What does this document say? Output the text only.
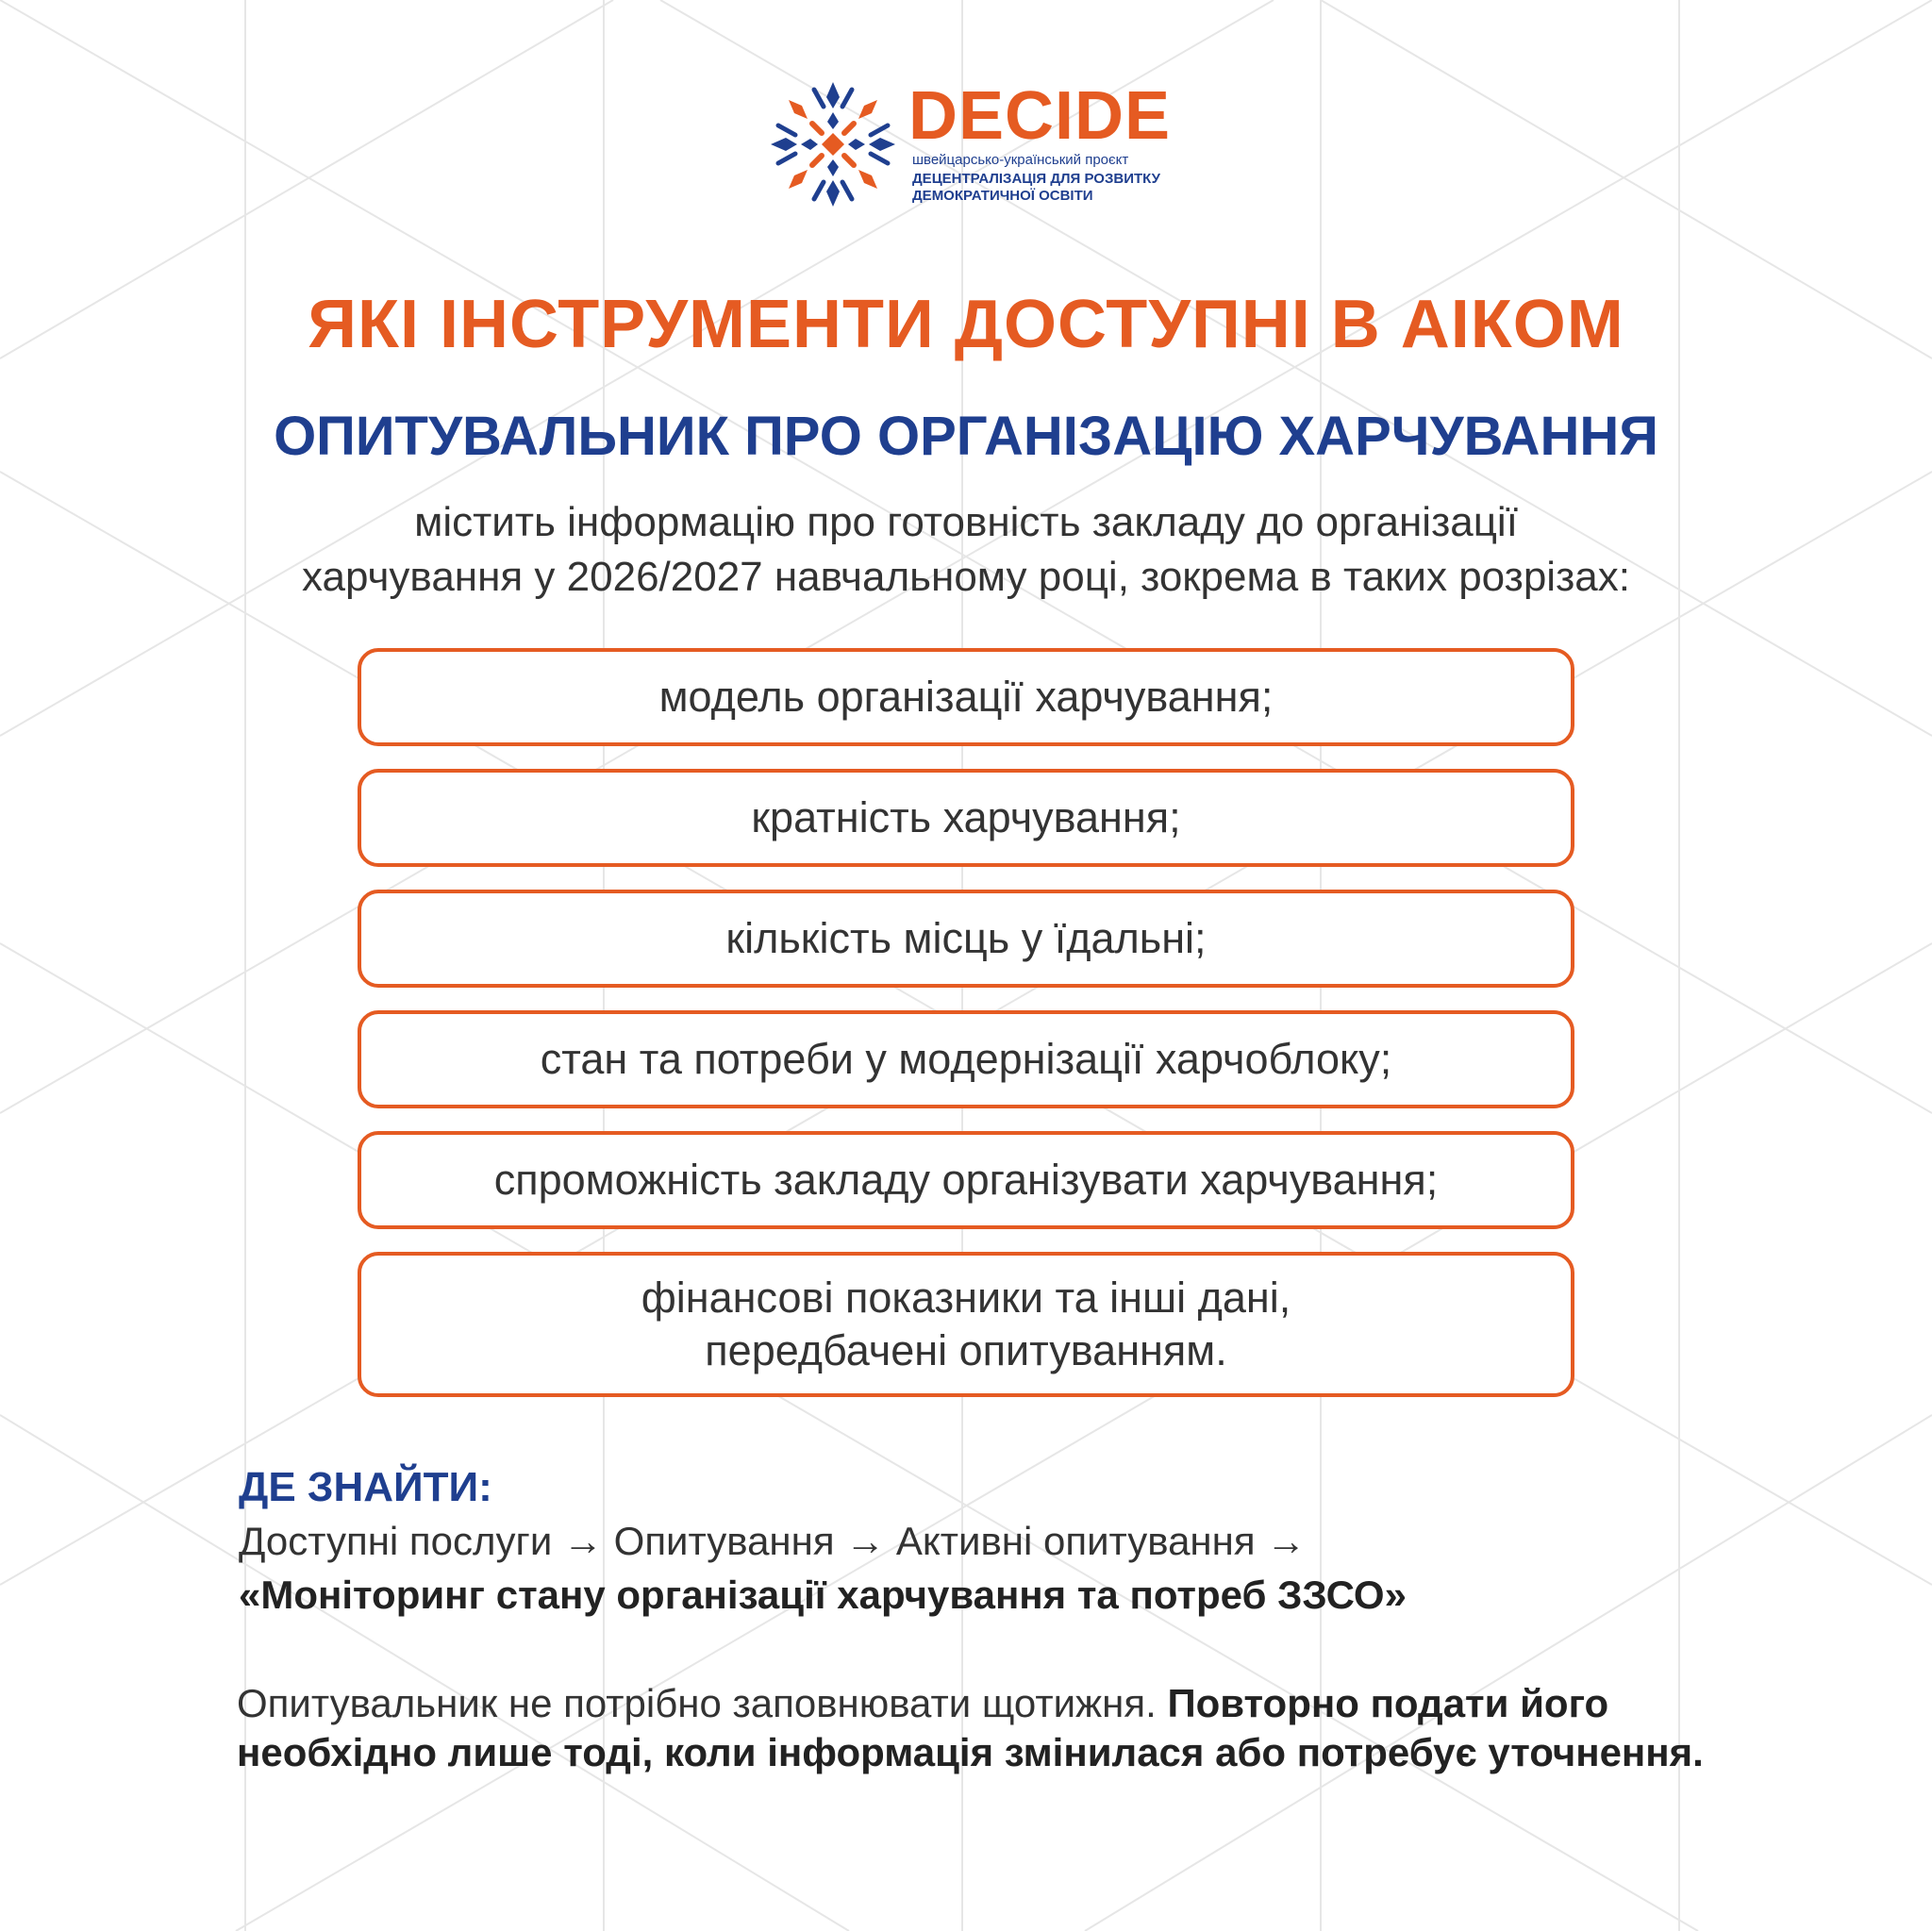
DECIDE
швейцарсько-український проєкт
ДЕЦЕНТРАЛІЗАЦІЯ ДЛЯ РОЗВИТКУ
ДЕМОКРАТИЧНОЇ ОСВІТИ
ЯКІ ІНСТРУМЕНТИ ДОСТУПНІ В АІКОМ
ОПИТУВАЛЬНИК ПРО ОРГАНІЗАЦІЮ ХАРЧУВАННЯ

містить інформацію про готовність закладу до організації
харчування у 2026/2027 навчальному році, зокрема в таких розрізах:

модель організації харчування;
кратність харчування;
кількість місць у їдальні;
стан та потреби у модернізації харчоблоку;
спроможність закладу організувати харчування;
фінансові показники та інші дані,
передбачені опитуванням.
ДЕ ЗНАЙТИ:
Доступні послуги → Опитування → Активні опитування →
«Моніторинг стану організації харчування та потреб ЗЗСО»
Опитувальник не потрібно заповнювати щотижня. Повторно подати його необхідно лише тоді, коли інформація змінилася або потребує уточнення.
